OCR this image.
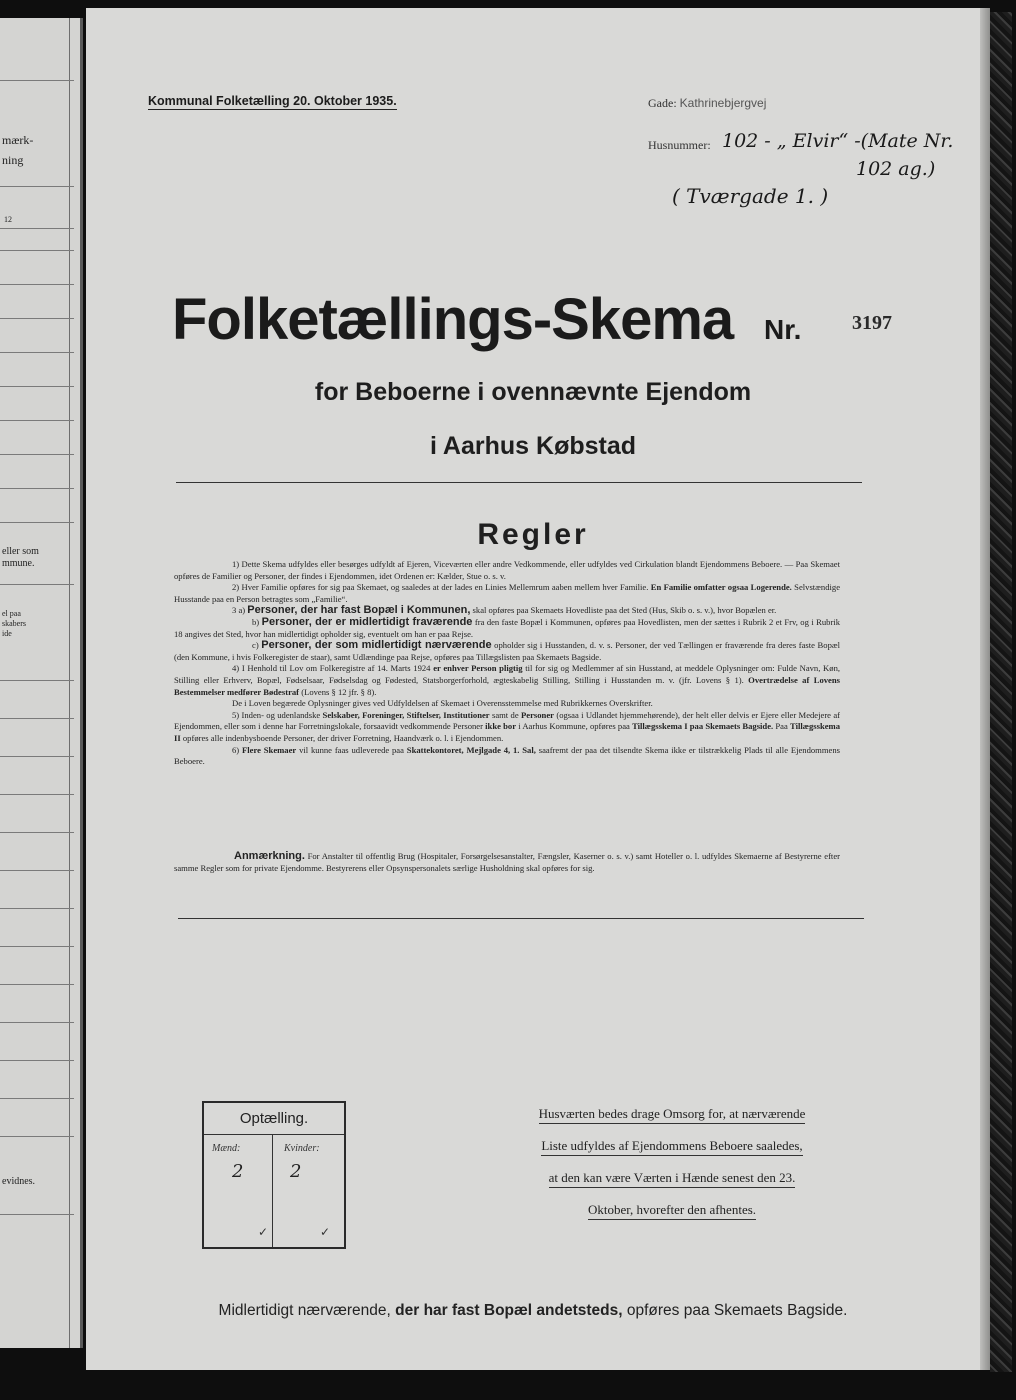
mærk-
ning
12
eller som
mmune.
el paa
skabers
ide
evidnes.
Kommunal Folketælling 20. Oktober 1935.	Gade: Kathrinebjergvej
Husnummer: 102 - „ Elvir“ -(Mate Nr.
102 ag.)
( Tværgade 1. )
Folketællings-Skema Nr.	3197
for Beboerne i ovennævnte Ejendom
i Aarhus Købstad
Regler

1) Dette Skema udfyldes eller besørges udfyldt af Ejeren, Viceværten eller andre Vedkommende, eller udfyldes ved Cirkulation blandt Ejendommens Beboere. — Paa Skemaet opføres de Familier og Personer, der findes i Ejendommen, idet Ordenen er: Kælder, Stue o. s. v.

2) Hver Familie opføres for sig paa Skemaet, og saaledes at der lades en Linies Mellemrum aaben mellem hver Familie. En Familie omfatter ogsaa Logerende. Selvstændige Husstande paa en Person betragtes som „Familie“.

3 a) Personer, der har fast Bopæl i Kommunen, skal opføres paa Skemaets Hovedliste paa det Sted (Hus, Skib o. s. v.), hvor Bopælen er.

b) Personer, der er midlertidigt fraværende fra den faste Bopæl i Kommunen, opføres paa Hovedlisten, men der sættes i Rubrik 2 et Frv, og i Rubrik 18 angives det Sted, hvor han midlertidigt opholder sig, eventuelt om han er paa Rejse.

c) Personer, der som midlertidigt nærværende opholder sig i Husstanden, d. v. s. Personer, der ved Tællingen er fraværende fra deres faste Bopæl (den Kommune, i hvis Folkeregister de staar), samt Udlændinge paa Rejse, opføres paa Tillægslisten paa Skemaets Bagside.

4) I Henhold til Lov om Folkeregistre af 14. Marts 1924 er enhver Person pligtig til for sig og Medlemmer af sin Husstand, at meddele Oplysninger om: Fulde Navn, Køn, Stilling eller Erhverv, Bopæl, Fødselsaar, Fødselsdag og Fødested, Statsborgerforhold, ægteskabelig Stilling, Stilling i Husstanden m. v. (jfr. Lovens § 1). Overtrædelse af Lovens Bestemmelser medfører Bødestraf (Lovens § 12 jfr. § 8).

De i Loven begærede Oplysninger gives ved Udfyldelsen af Skemaet i Overensstemmelse med Rubrikkernes Overskrifter.

5) Inden- og udenlandske Selskaber, Foreninger, Stiftelser, Institutioner samt de Personer (ogsaa i Udlandet hjemmehørende), der helt eller delvis er Ejere eller Medejere af Ejendommen, eller som i denne har Forretningslokale, forsaavidt vedkommende Personer ikke bor i Aarhus Kommune, opføres paa Tillægsskema I paa Skemaets Bagside. Paa Tillægsskema II opføres alle indenbysboende Personer, der driver Forretning, Haandværk o. l. i Ejendommen.

6) Flere Skemaer vil kunne faas udleverede paa Skattekontoret, Mejlgade 4, 1. Sal, saafremt der paa det tilsendte Skema ikke er tilstrækkelig Plads til alle Ejendommens Beboere.

Anmærkning. For Anstalter til offentlig Brug (Hospitaler, Forsørgelsesanstalter, Fængsler, Kaserner o. s. v.) samt Hoteller o. l. udfyldes Skemaerne af Bestyrerne efter samme Regler som for private Ejendomme. Bestyrerens eller Opsynspersonalets særlige Husholdning skal opføres for sig.

Optælling.
Mænd:	Kvinder:
2	2
✓	✓
Husværten bedes drage Omsorg for, at nærværende
Liste udfyldes af Ejendommens Beboere saaledes,
at den kan være Værten i Hænde senest den 23.
Oktober, hvorefter den afhentes.
Midlertidigt nærværende, der har fast Bopæl andetsteds, opføres paa Skemaets Bagside.
